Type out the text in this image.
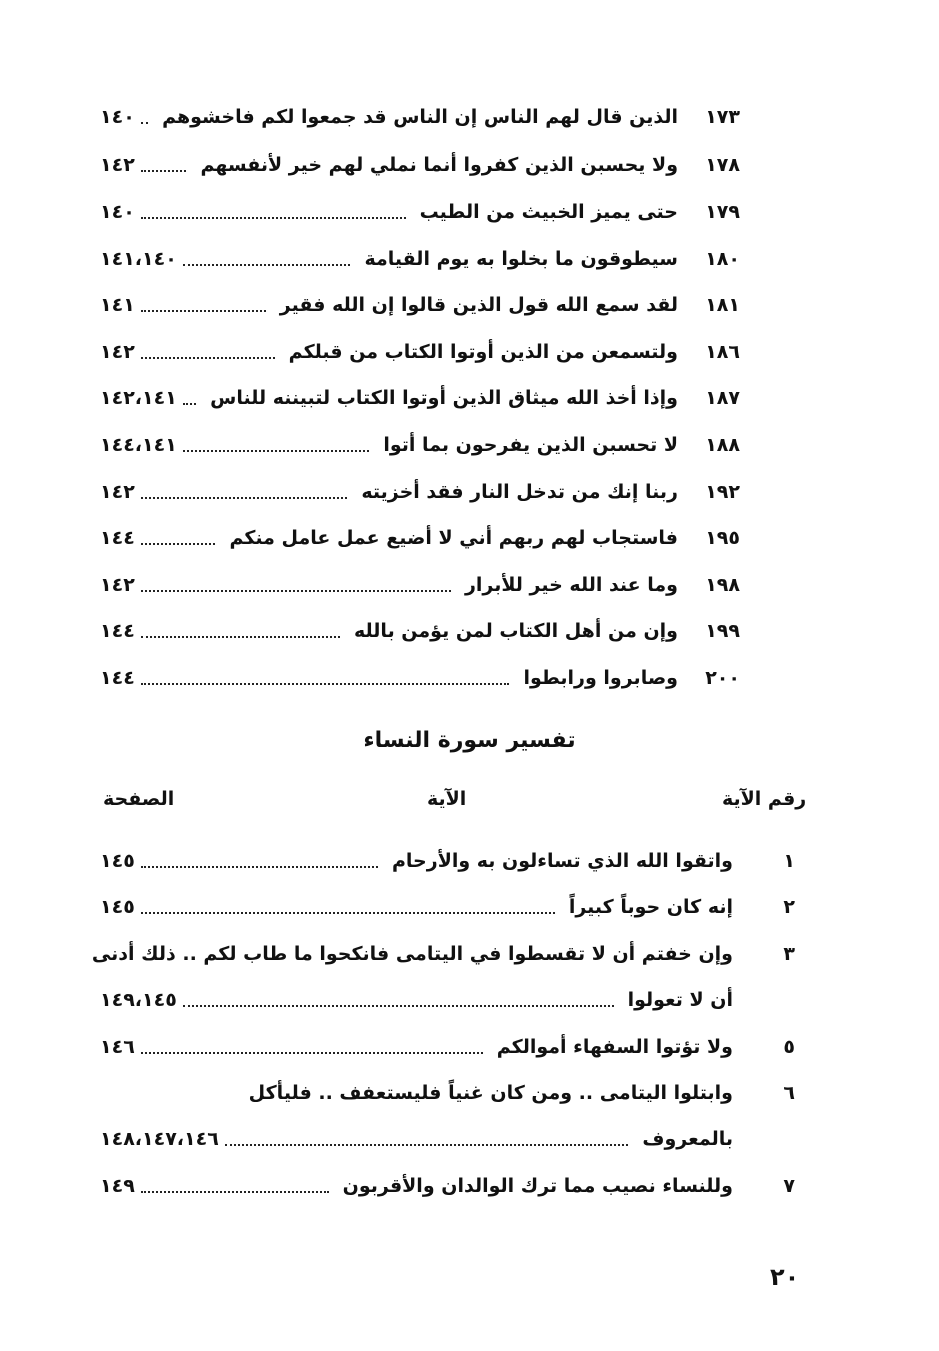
١٧٣
الذين قال لهم الناس إن الناس قد جمعوا لكم فاخشوهم
١٤٠
١٧٨
ولا يحسبن الذين كفروا أنما نملي لهم خير لأنفسهم
١٤٢
١٧٩
حتى يميز الخبيث من الطيب
١٤٠
١٨٠
سيطوقون ما بخلوا به يوم القيامة
١٤١،١٤٠
١٨١
لقد سمع الله قول الذين قالوا إن الله فقير
١٤١
١٨٦
ولتسمعن من الذين أوتوا الكتاب من قبلكم
١٤٢
١٨٧
وإذا أخذ الله ميثاق الذين أوتوا الكتاب لتبيننه للناس
١٤٢،١٤١
١٨٨
لا تحسبن الذين يفرحون بما أتوا
١٤٤،١٤١
١٩٢
ربنا إنك من تدخل النار فقد أخزيته
١٤٢
١٩٥
فاستجاب لهم ربهم أني لا أضيع عمل عامل منكم
١٤٤
١٩٨
وما عند الله خير للأبرار
١٤٢
١٩٩
وإن من أهل الكتاب لمن يؤمن بالله
١٤٤
٢٠٠
وصابروا ورابطوا
١٤٤
تفسير سورة النساء
رقم الآية
الآية
الصفحة
١
واتقوا الله الذي تساءلون به والأرحام
١٤٥
٢
إنه كان حوباً كبيراً
١٤٥
٣
وإن خفتم أن لا تقسطوا في اليتامى فانكحوا ما طاب لكم .. ذلك أدنى
أن لا تعولوا
١٤٩،١٤٥
٥
ولا تؤتوا السفهاء أموالكم
١٤٦
٦
وابتلوا اليتامى .. ومن كان غنياً فليستعفف .. فليأكل
بالمعروف
١٤٨،١٤٧،١٤٦
٧
وللنساء نصيب مما ترك الوالدان والأقربون
١٤٩
٢٠
